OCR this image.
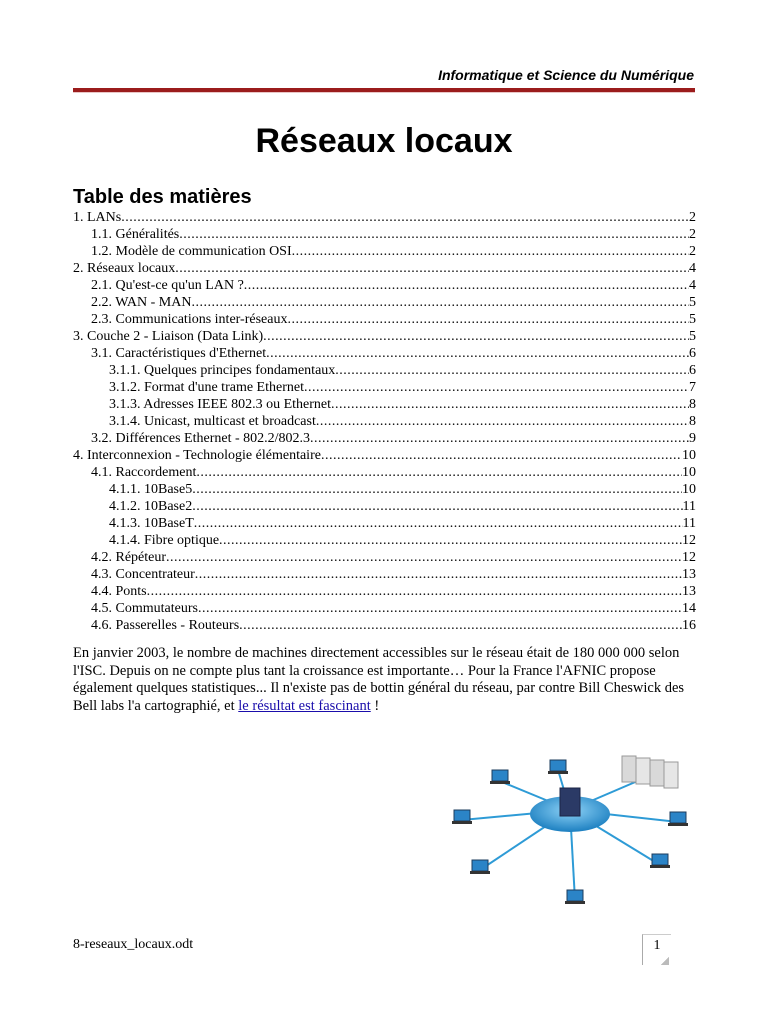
Informatique et Science du Numérique
Réseaux locaux
Table des matières
1. LANs .....	2
1.1. Généralités .....	2
1.2. Modèle de communication OSI .....	2
2. Réseaux locaux .....	4
2.1. Qu'est-ce qu'un LAN ? .....	4
2.2. WAN - MAN .....	5
2.3. Communications inter-réseaux .....	5
3. Couche 2 - Liaison (Data Link) .....	5
3.1. Caractéristiques d'Ethernet .....	6
3.1.1. Quelques principes fondamentaux .....	6
3.1.2. Format d'une trame Ethernet .....	7
3.1.3. Adresses IEEE 802.3 ou Ethernet .....	8
3.1.4. Unicast, multicast et broadcast .....	8
3.2. Différences Ethernet - 802.2/802.3 .....	9
4. Interconnexion - Technologie élémentaire .....	10
4.1. Raccordement .....	10
4.1.1. 10Base5 .....	10
4.1.2. 10Base2 .....	11
4.1.3. 10BaseT .....	11
4.1.4. Fibre optique .....	12
4.2. Répéteur .....	12
4.3. Concentrateur .....	13
4.4. Ponts .....	13
4.5. Commutateurs .....	14
4.6. Passerelles - Routeurs .....	16
En janvier 2003, le nombre de machines directement accessibles sur le réseau était de 180 000 000 selon l'ISC. Depuis on ne compte plus tant la croissance est importante… Pour la France l'AFNIC propose également quelques statistiques... Il n'existe pas de bottin général du réseau, par contre Bill Cheswick des Bell labs l'a cartographié, et le résultat est fascinant !
8-reseaux_locaux.odt	1
